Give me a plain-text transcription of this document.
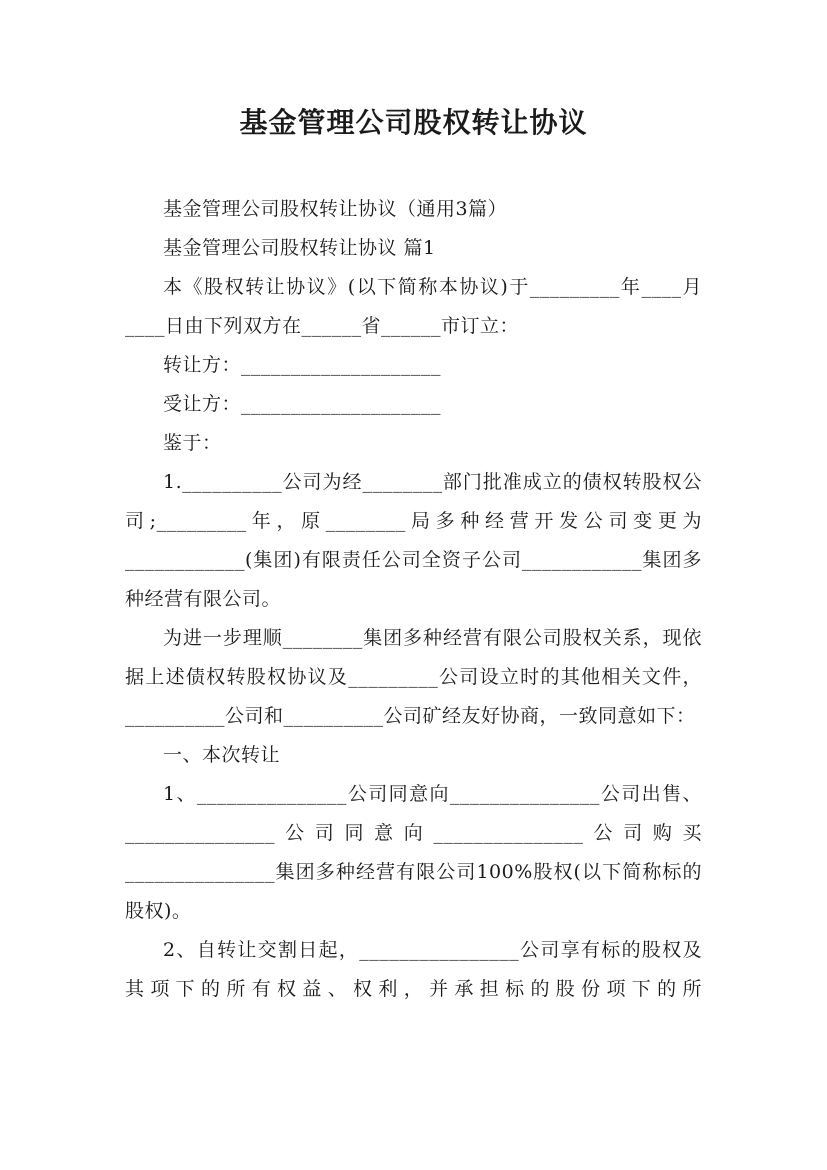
基金管理公司股权转让协议

基金管理公司股权转让协议（通用3篇）

基金管理公司股权转让协议 篇1

本《股权转让协议》(以下简称本协议)于_________年____月____日由下列双方在______省______市订立：

转让方：____________________

受让方：____________________

鉴于：

1.__________公司为经________部门批准成立的债权转股权公司;_________年，原________局多种经营开发公司变更为____________(集团)有限责任公司全资子公司____________集团多种经营有限公司。

为进一步理顺________集团多种经营有限公司股权关系，现依据上述债权转股权协议及_________公司设立时的其他相关文件，__________公司和__________公司矿经友好协商，一致同意如下：

一、本次转让

1、_______________公司同意向_______________公司出售、_______________公司同意向_______________公司购买_______________集团多种经营有限公司100%股权(以下简称标的股权)。

2、自转让交割日起，________________公司享有标的股权及其项下的所有权益、权利，并承担标的股份项下的所
